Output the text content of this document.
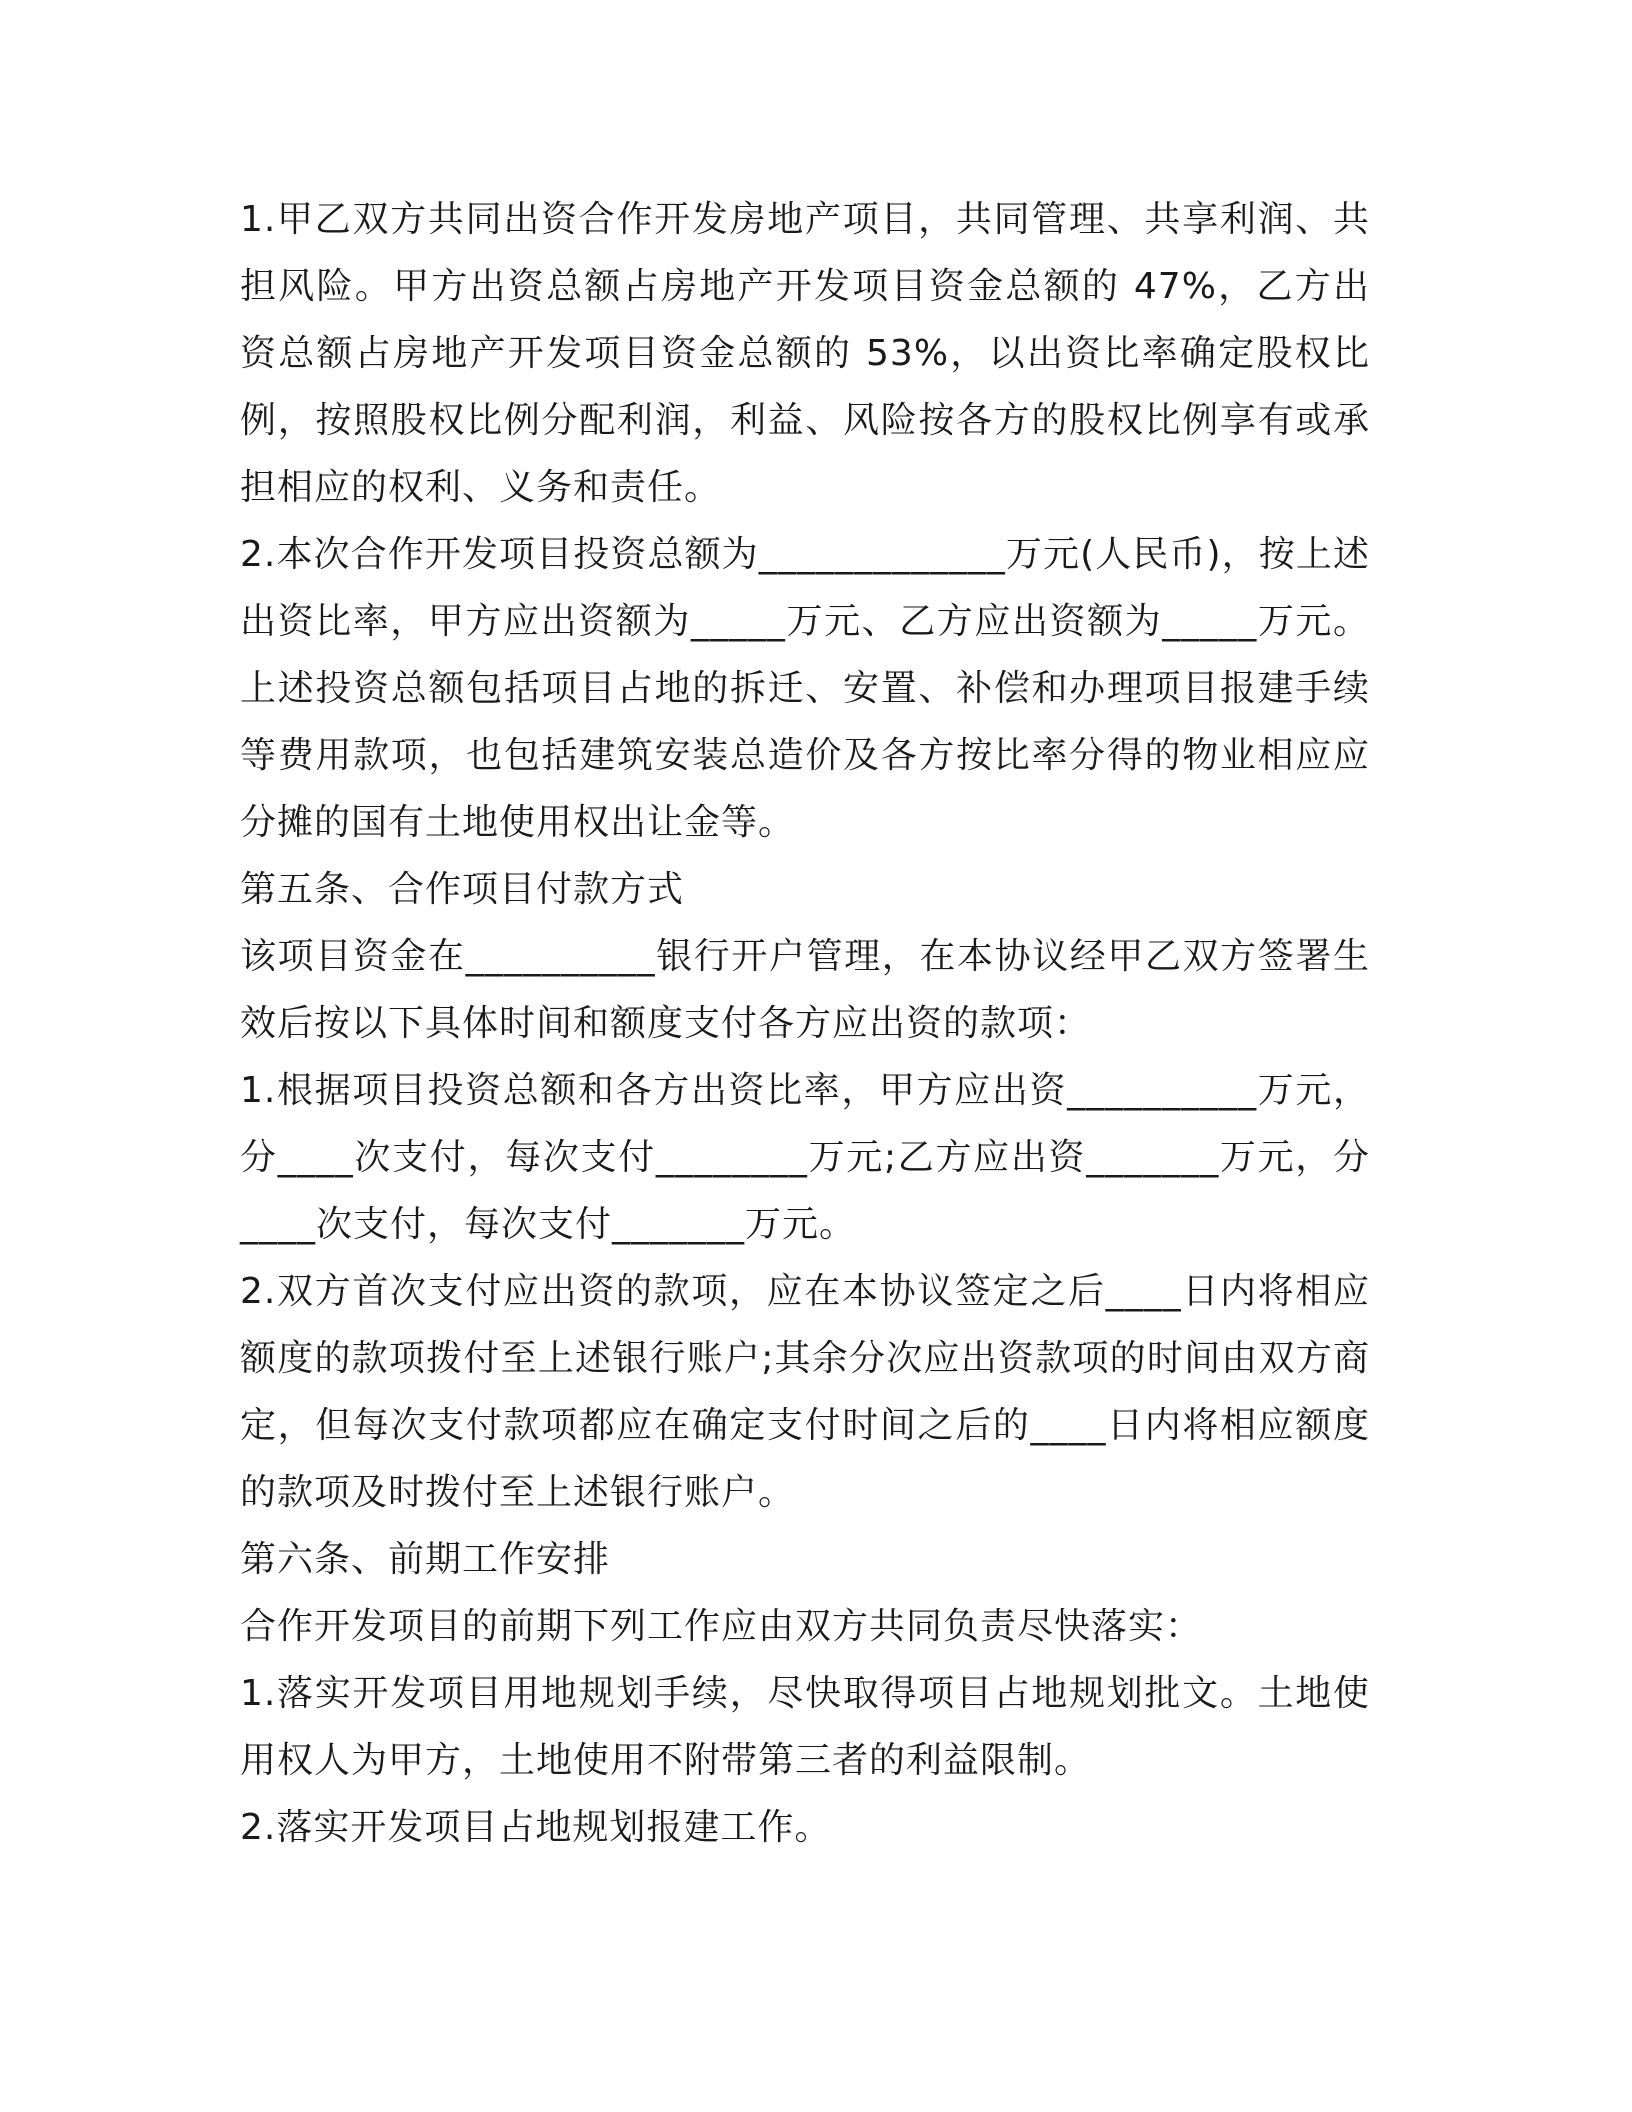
1.甲乙双方共同出资合作开发房地产项目，共同管理、共享利润、共担风险。甲方出资总额占房地产开发项目资金总额的 47%，乙方出资总额占房地产开发项目资金总额的 53%，以出资比率确定股权比例，按照股权比例分配利润，利益、风险按各方的股权比例享有或承担相应的权利、义务和责任。

2.本次合作开发项目投资总额为_____________万元(人民币)，按上述出资比率，甲方应出资额为_____万元、乙方应出资额为_____万元。上述投资总额包括项目占地的拆迁、安置、补偿和办理项目报建手续等费用款项，也包括建筑安装总造价及各方按比率分得的物业相应应分摊的国有土地使用权出让金等。

第五条、合作项目付款方式

该项目资金在__________银行开户管理，在本协议经甲乙双方签署生效后按以下具体时间和额度支付各方应出资的款项：

1.根据项目投资总额和各方出资比率，甲方应出资__________万元，分____次支付，每次支付________万元;乙方应出资_______万元，分____次支付，每次支付_______万元。

2.双方首次支付应出资的款项，应在本协议签定之后____日内将相应额度的款项拨付至上述银行账户;其余分次应出资款项的时间由双方商定，但每次支付款项都应在确定支付时间之后的____日内将相应额度的款项及时拨付至上述银行账户。

第六条、前期工作安排

合作开发项目的前期下列工作应由双方共同负责尽快落实：

1.落实开发项目用地规划手续，尽快取得项目占地规划批文。土地使用权人为甲方，土地使用不附带第三者的利益限制。

2.落实开发项目占地规划报建工作。
